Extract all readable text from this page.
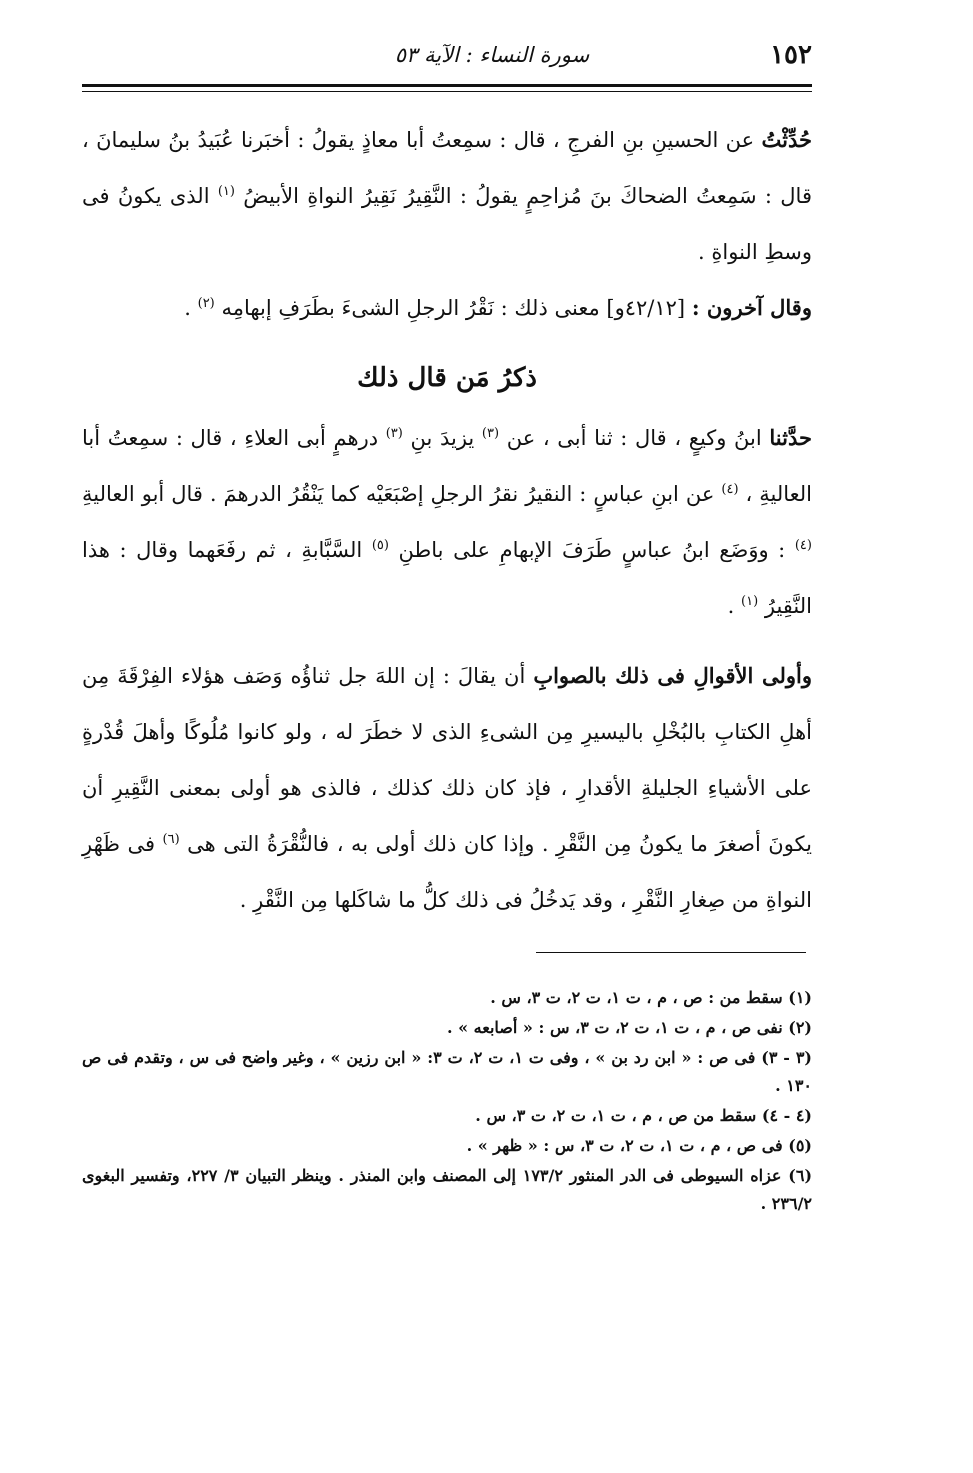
١٥٢
سورة النساء : الآية ٥٣

حُدِّثْتُ عن الحسينِ بنِ الفرجِ ، قال : سمِعتُ أبا معاذٍ يقولُ : أخبَرنا عُبَيدُ بنُ سليمانَ ، قال : سَمِعتُ الضحاكَ بنَ مُزاحِمٍ يقولُ : النَّقِيرُ نَقِيرُ النواةِ الأبيضُ $^{(١)}$ الذى يكونُ فى وسطِ النواةِ .

وقال آخرون : [٤٢/١٢و] معنى ذلك : نَقْرُ الرجلِ الشىءَ بطَرَفِ إبهامِه $^{(٢)}$ .

ذكرُ مَن قال ذلك

حدَّثنا ابنُ وكيعٍ ، قال : ثنا أبى ، عن $^{(٣)}$ يزيدَ بنِ $^{(٣)}$ درهمٍ أبى العلاءِ ، قال : سمِعتُ أبا العاليةِ ، $^{(٤)}$ عن ابنِ عباسٍ : النقيرُ نقرُ الرجلِ إصْبَعَيْه كما يَنْقُرُ الدرهمَ . قال أبو العاليةِ $^{(٤)}$ : ووَضَع ابنُ عباسٍ طَرَفَ الإبهامِ على باطنِ $^{(٥)}$ السَّبَّابةِ ، ثم رفَعَهما وقال : هذا النَّقِيرُ $^{(١)}$ .

وأولى الأقوالِ فى ذلك بالصوابِ أن يقالَ : إن اللهَ جل ثناؤُه وَصَف هؤلاء الفِرْقَةَ مِن أهلِ الكتابِ بالبُخْلِ باليسيرِ مِن الشىءِ الذى لا خطَرَ له ، ولو كانوا مُلُوكًا وأهلَ قُدْرةٍ على الأشياءِ الجليلةِ الأقدارِ ، فإذ كان ذلك كذلك ، فالذى هو أولى بمعنى النَّقِيرِ أن يكونَ أصغرَ ما يكونُ مِن النَّقْرِ . وإذا كان ذلك أولى به ، فالنُّقْرَةُ التى هى $^{(٦)}$ فى ظَهْرِ النواةِ من صِغارِ النَّقْرِ ، وقد يَدخُلُ فى ذلك كلُّ ما شاكَلها مِن النَّقْرِ .

(١) سقط من : ص ، م ، ت ١، ت ٢، ت ٣، س .

(٢) نفى ص ، م ، ت ١، ت ٢، ت ٣، س : « أصابعه » .

(٣ - ٣) فى ص : « ابن رد بن » ، وفى ت ١، ت ٢، ت ٣: « ابن رزين » ، وغير واضح فى س ، وتقدم فى ص ١٣٠ .

(٤ - ٤) سقط من ص ، م ، ت ١، ت ٢، ت ٣، س .

(٥) فى ص ، م ، ت ١، ت ٢، ت ٣، س : « ظهر » .

(٦) عزاه السيوطى فى الدر المنثور ١٧٣/٢ إلى المصنف وابن المنذر . وينظر التبيان ٣/ ٢٢٧، وتفسير البغوى ٢٣٦/٢ .
